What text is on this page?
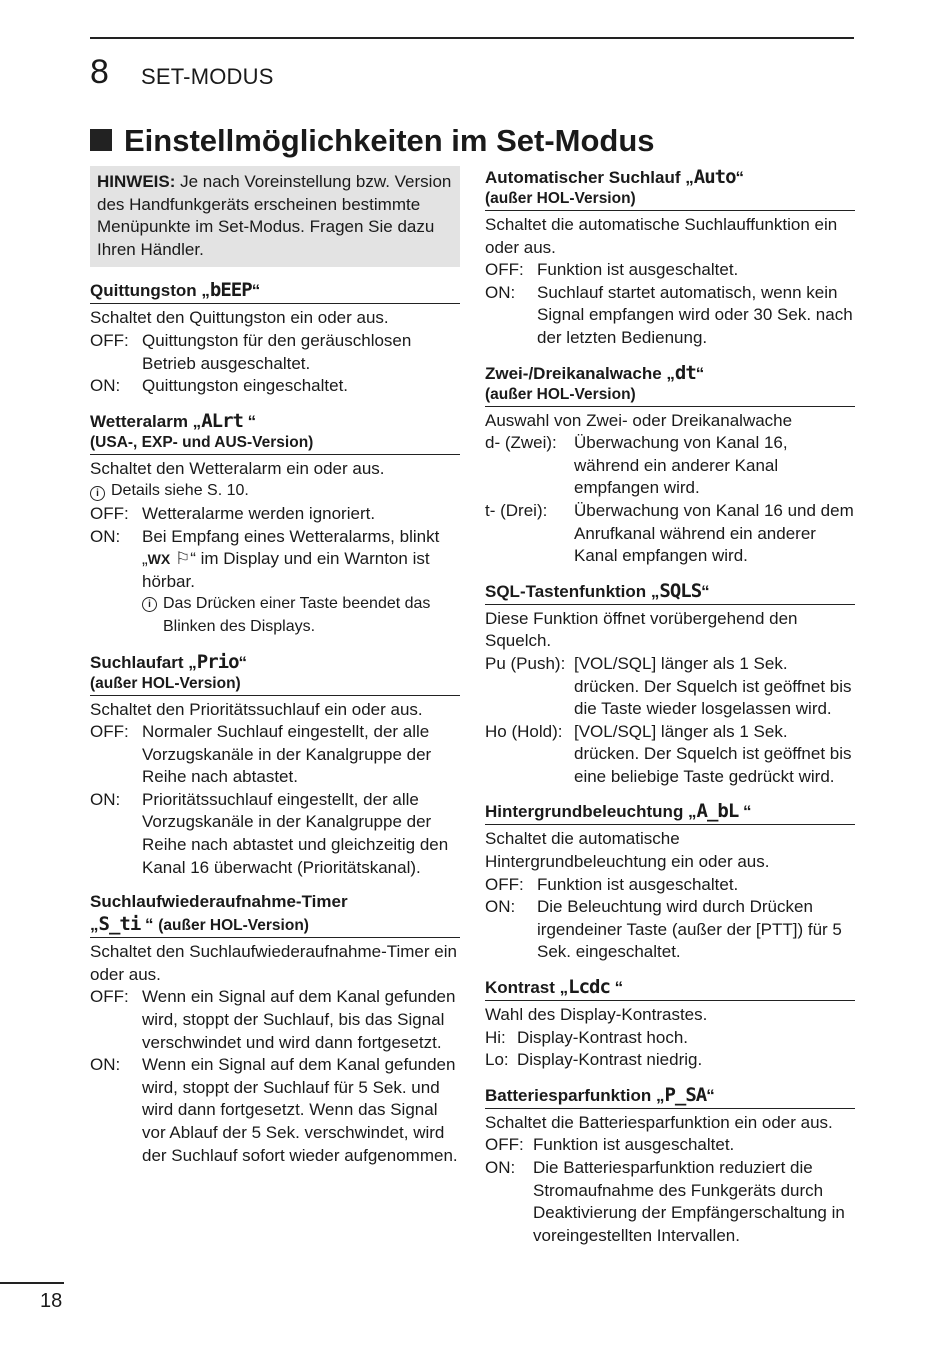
8 SET-MODUS
Einstellmöglichkeiten im Set-Modus
HINWEIS: Je nach Voreinstellung bzw. Version des Handfunkgeräts erscheinen bestimmte Menüpunkte im Set-Modus. Fragen Sie dazu Ihren Händler.
Quittungston „bEEP“
Schaltet den Quittungston ein oder aus.
OFF: Quittungston für den geräuschlosen Betrieb ausgeschaltet.
ON:	Quittungston eingeschaltet.
Wetteralarm „ALrt “
(USA-, EXP- und AUS-Version)
Schaltet den Wetteralarm ein oder aus.
i Details siehe S. 10.
OFF: Wetteralarme werden ignoriert.
ON:	Bei Empfang eines Wetteralarms, blinkt „WX ⚐“ im Display und ein Warnton ist hörbar.
i Das Drücken einer Taste beendet das Blinken des Displays.
Suchlaufart „Prio“
(außer HOL-Version)
Schaltet den Prioritätssuchlauf ein oder aus.
OFF: Normaler Suchlauf eingestellt, der alle Vorzugskanäle in der Kanalgruppe der Reihe nach abtastet.
ON:	Prioritätssuchlauf eingestellt, der alle Vorzugskanäle in der Kanalgruppe der Reihe nach abtastet und gleichzeitig den Kanal 16 überwacht (Prioritätskanal).
Suchlaufwiederaufnahme-Timer
„S_ti “ (außer HOL-Version)
Schaltet den Suchlaufwiederaufnahme-Timer ein oder aus.
OFF: Wenn ein Signal auf dem Kanal gefunden wird, stoppt der Suchlauf, bis das Signal verschwindet und wird dann fortgesetzt.
ON:	Wenn ein Signal auf dem Kanal gefunden wird, stoppt der Suchlauf für 5 Sek. und wird dann fortgesetzt. Wenn das Signal vor Ablauf der 5 Sek. verschwindet, wird der Suchlauf sofort wieder aufgenommen.
Automatischer Suchlauf „Auto“
(außer HOL-Version)
Schaltet die automatische Suchlauffunktion ein oder aus.
OFF: Funktion ist ausgeschaltet.
ON:	Suchlauf startet automatisch, wenn kein Signal empfangen wird oder 30 Sek. nach der letzten Bedienung.
Zwei-/Dreikanalwache „dt“
(außer HOL-Version)
Auswahl von Zwei- oder Dreikanalwache
d- (Zwei):	Überwachung von Kanal 16, während ein anderer Kanal empfangen wird.
t- (Drei):	Überwachung von Kanal 16 und dem Anrufkanal während ein anderer Kanal empfangen wird.
SQL-Tastenfunktion „SQLS“
Diese Funktion öffnet vorübergehend den Squelch.
Pu (Push): [VOL/SQL] länger als 1 Sek. drücken. Der Squelch ist geöffnet bis die Taste wieder losgelassen wird.
Ho (Hold): [VOL/SQL] länger als 1 Sek. drücken. Der Squelch ist geöffnet bis eine beliebige Taste gedrückt wird.
Hintergrundbeleuchtung „A_bL “
Schaltet die automatische Hintergrundbeleuchtung ein oder aus.
OFF: Funktion ist ausgeschaltet.
ON:	Die Beleuchtung wird durch Drücken irgendeiner Taste (außer der [PTT]) für 5 Sek. eingeschaltet.
Kontrast „Lcdc “
Wahl des Display-Kontrastes.
Hi: Display-Kontrast hoch.
Lo: Display-Kontrast niedrig.
Batteriesparfunktion „P_SA“
Schaltet die Batteriesparfunktion ein oder aus.
OFF: Funktion ist ausgeschaltet.
ON:	Die Batteriesparfunktion reduziert die Stromaufnahme des Funkgeräts durch Deaktivierung der Empfängerschaltung in voreingestellten Intervallen.
18
